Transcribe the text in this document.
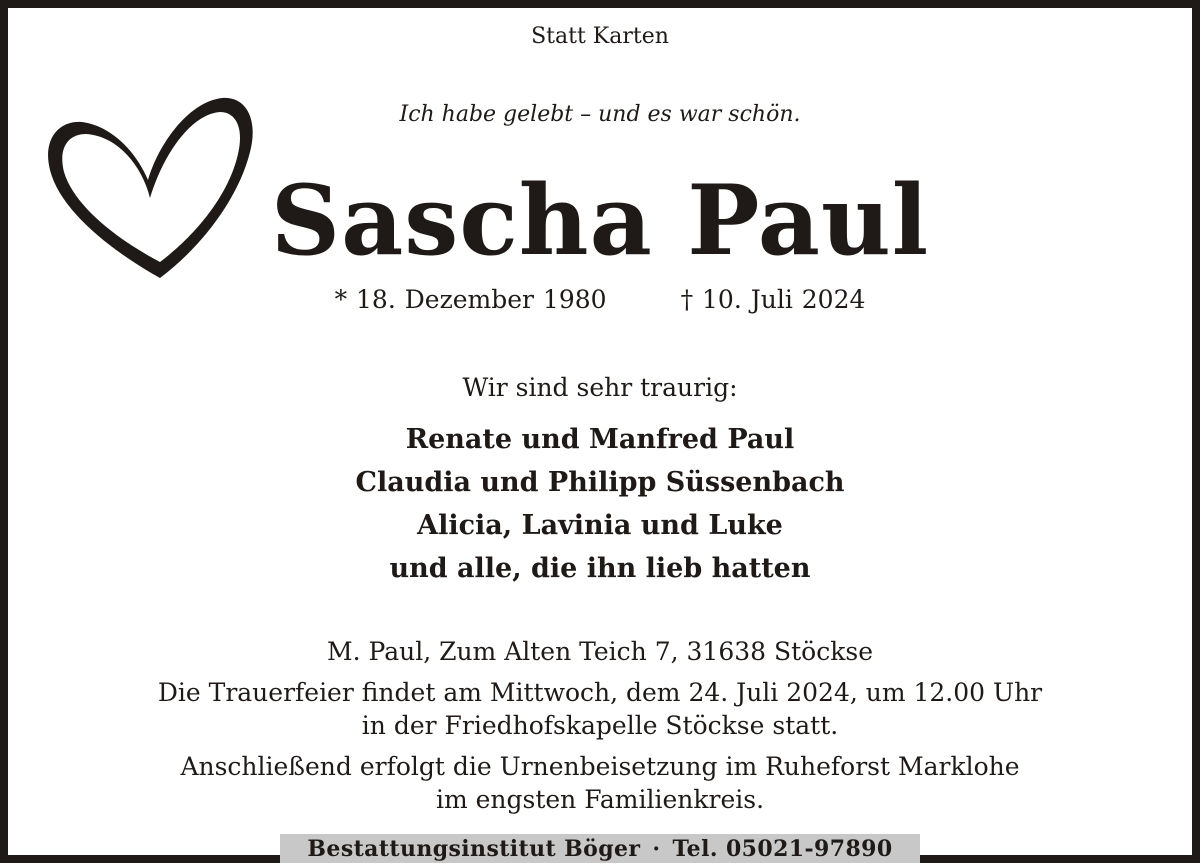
Statt Karten
Ich habe gelebt – und es war schön.
Sascha Paul
* 18. Dezember 1980	† 10. Juli 2024
Wir sind sehr traurig:
Renate und Manfred Paul
Claudia und Philipp Süssenbach
Alicia, Lavinia und Luke
und alle, die ihn lieb hatten
M. Paul, Zum Alten Teich 7, 31638 Stöckse
Die Trauerfeier findet am Mittwoch, dem 24. Juli 2024, um 12.00 Uhr
in der Friedhofskapelle Stöckse statt.
Anschließend erfolgt die Urnenbeisetzung im Ruheforst Marklohe
im engsten Familienkreis.
Bestattungsinstitut Böger · Tel. 05021-97890
